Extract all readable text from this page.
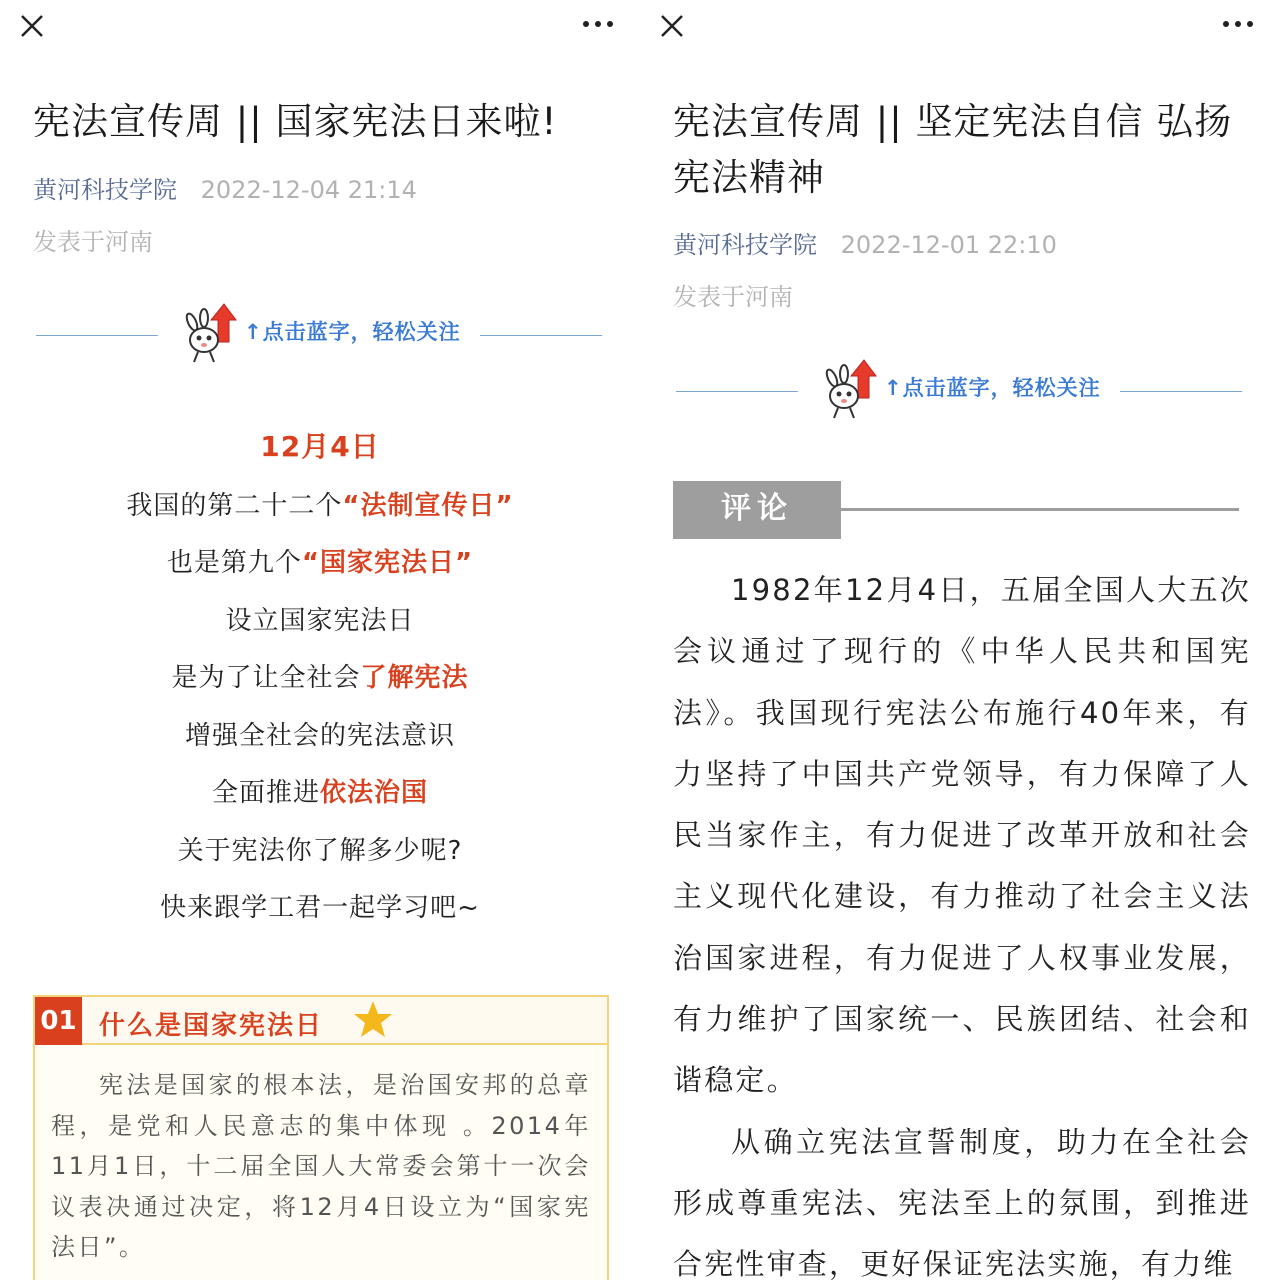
宪法宣传周 || 国家宪法日来啦!
黄河科技学院 2022-12-04 21:14
发表于河南
↑点击蓝字，轻松关注
12月4日
我国的第二十二个“法制宣传日”
也是第九个“国家宪法日”
设立国家宪法日
是为了让全社会了解宪法
增强全社会的宪法意识
全面推进依法治国
关于宪法你了解多少呢?
快来跟学工君一起学习吧~
01 什么是国家宪法日

宪法是国家的根本法，是治国安邦的总章程，是党和人民意志的集中体现 。2014年11月1日，十二届全国人大常委会第十一次会议表决通过决定，将12月4日设立为“国家宪法日”。

宪法宣传周 || 坚定宪法自信 弘扬宪法精神
黄河科技学院 2022-12-01 22:10
发表于河南
↑点击蓝字，轻松关注
评论

1982年12月4日，五届全国人大五次会议通过了现行的《中华人民共和国宪法》。我国现行宪法公布施行40年来，有力坚持了中国共产党领导，有力保障了人民当家作主，有力促进了改革开放和社会主义现代化建设，有力推动了社会主义法治国家进程，有力促进了人权事业发展，有力维护了国家统一、民族团结、社会和谐稳定。

从确立宪法宣誓制度，助力在全社会形成尊重宪法、宪法至上的氛围，到推进合宪性审查，更好保证宪法实施，有力维
